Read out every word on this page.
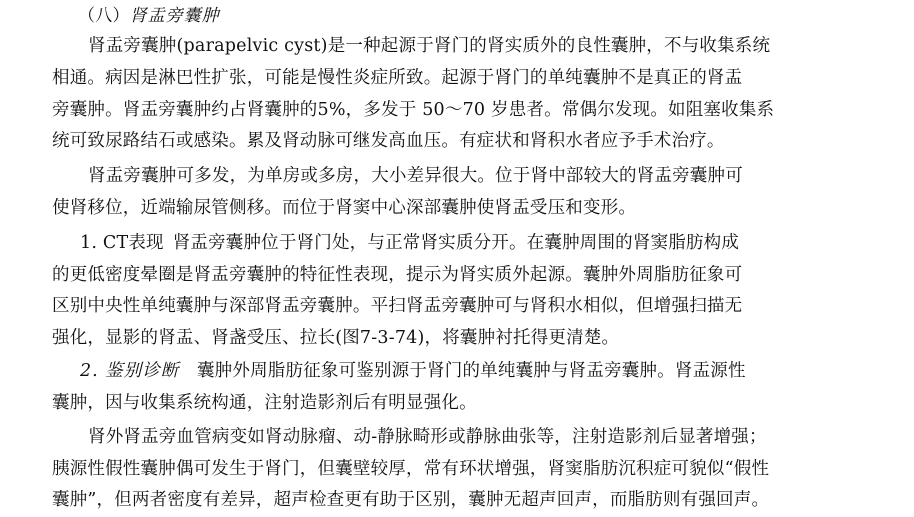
（八）肾盂旁囊肿
肾盂旁囊肿(parapelvic cyst)是一种起源于肾门的肾实质外的良性囊肿，不与收集系统
相通。病因是淋巴性扩张，可能是慢性炎症所致。起源于肾门的单纯囊肿不是真正的肾盂
旁囊肿。肾盂旁囊肿约占肾囊肿的5%，多发于 50～70 岁患者。常偶尔发现。如阻塞收集系
统可致尿路结石或感染。累及肾动脉可继发高血压。有症状和肾积水者应予手术治疗。
肾盂旁囊肿可多发，为单房或多房，大小差异很大。位于肾中部较大的肾盂旁囊肿可
使肾移位，近端输尿管侧移。而位于肾窦中心深部囊肿使肾盂受压和变形。
1. CT表现  肾盂旁囊肿位于肾门处，与正常肾实质分开。在囊肿周围的肾窦脂肪构成
的更低密度晕圈是肾盂旁囊肿的特征性表现，提示为肾实质外起源。囊肿外周脂肪征象可
区别中央性单纯囊肿与深部肾盂旁囊肿。平扫肾盂旁囊肿可与肾积水相似，但增强扫描无
强化，显影的肾盂、肾盏受压、拉长(图7-3-74)，将囊肿衬托得更清楚。
2. 鉴别诊断  囊肿外周脂肪征象可鉴别源于肾门的单纯囊肿与肾盂旁囊肿。肾盂源性
囊肿，因与收集系统构通，注射造影剂后有明显强化。
肾外肾盂旁血管病变如肾动脉瘤、动-静脉畸形或静脉曲张等，注射造影剂后显著增强；
胰源性假性囊肿偶可发生于肾门，但囊壁较厚，常有环状增强，肾窦脂肪沉积症可貌似“假性
囊肿”，但两者密度有差异，超声检查更有助于区别，囊肿无超声回声，而脂肪则有强回声。
